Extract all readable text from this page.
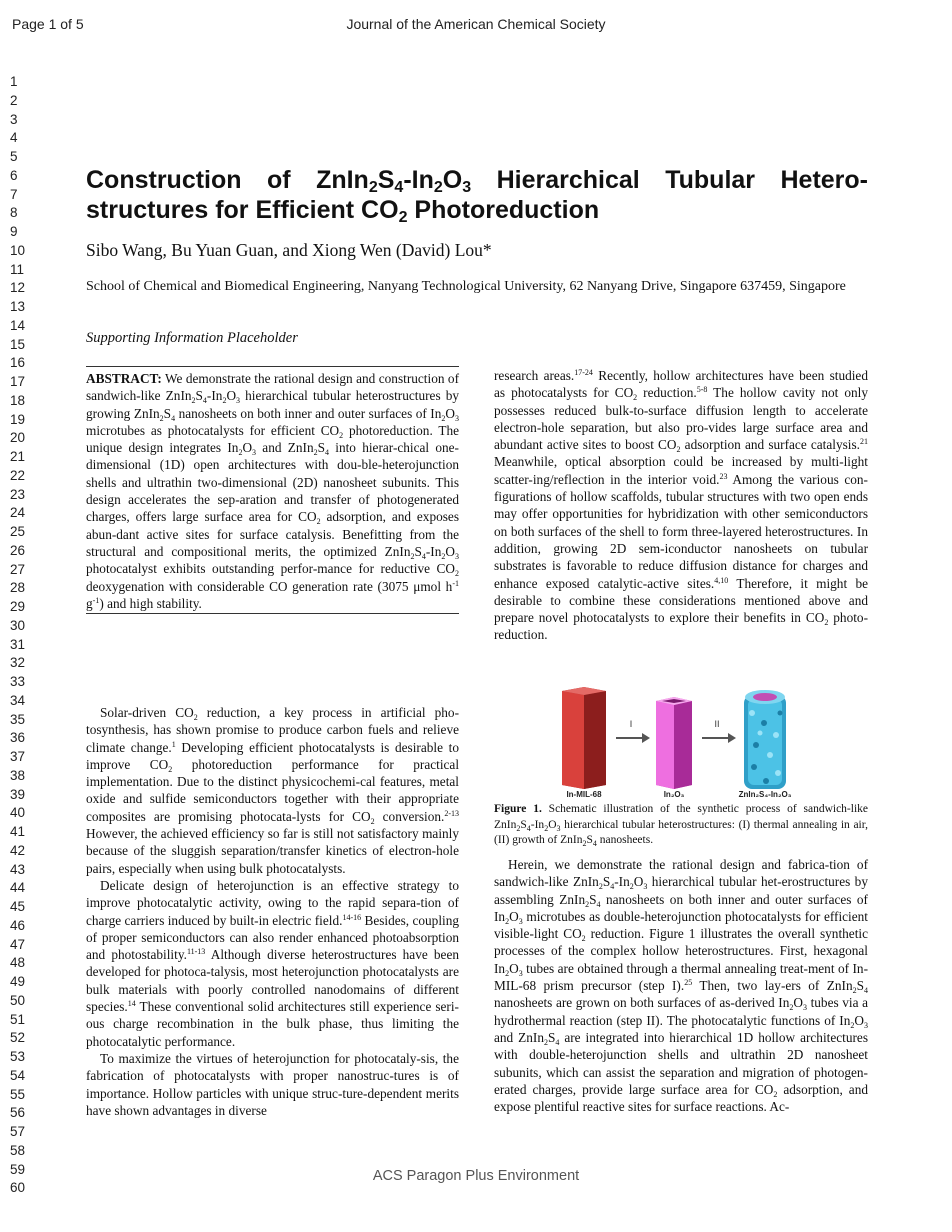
Page 1 of 5	Journal of the American Chemical Society
1
2
3
4
5
6
7
8
9
10
11
12
13
14
15
16
17
18
19
20
21
22
23
24
25
26
27
28
29
30
31
32
33
34
35
36
37
38
39
40
41
42
43
44
45
46
47
48
49
50
51
52
53
54
55
56
57
58
59
60
Construction of $ZnIn_2S_4-In_2O_3$ Hierarchical Tubular Hetero-structures for Efficient $CO_2$ Photoreduction
Sibo Wang, Bu Yuan Guan, and Xiong Wen (David) Lou*
School of Chemical and Biomedical Engineering, Nanyang Technological University, 62 Nanyang Drive, Singapore 637459, Singapore
Supporting Information Placeholder

ABSTRACT: We demonstrate the rational design and construction of sandwich-like $ZnIn_2S_4-In_2O_3$ hierarchical tubular heterostructures by growing $ZnIn_2S_4$ nanosheets on both inner and outer surfaces of $In_2O_3$ microtubes as photocatalysts for efficient $CO_2$ photoreduction. The unique design integrates $In_2O_3$ and $ZnIn_2S_4$ into hierar-chical one-dimensional (1D) open architectures with dou-ble-heterojunction shells and ultrathin two-dimensional (2D) nanosheet subunits. This design accelerates the sep-aration and transfer of photogenerated charges, offers large surface area for $CO_2$ adsorption, and exposes abun-dant active sites for surface catalysis. Benefitting from the structural and compositional merits, the optimized $ZnIn_2S_4-In_2O_3$ photocatalyst exhibits outstanding perfor-mance for reductive $CO_2$ deoxygenation with considerable CO generation rate (3075 μmol $h^{-1}$ $g^{-1}$) and high stability.

Solar-driven $CO_2$ reduction, a key process in artificial pho-tosynthesis, has shown promise to produce carbon fuels and relieve climate change.$^1$ Developing efficient photocatalysts is desirable to improve $CO_2$ photoreduction performance for practical implementation. Due to the distinct physicochemi-cal features, metal oxide and sulfide semiconductors together with their appropriate composites are promising photocata-lysts for $CO_2$ conversion.$^{2-13}$ However, the achieved efficiency so far is still not satisfactory mainly because of the sluggish separation/transfer kinetics of electron-hole pairs, especially when using bulk photocatalysts.

Delicate design of heterojunction is an effective strategy to improve photocatalytic activity, owing to the rapid separa-tion of charge carriers induced by built-in electric field.$^{14-16}$ Besides, coupling of proper semiconductors can also render enhanced photoabsorption and photostability.$^{11-13}$ Although diverse heterostructures have been developed for photoca-talysis, most heterojunction photocatalysts are bulk materials with poorly controlled nanodomains of different species.$^{14}$ These conventional solid architectures still experience seri-ous charge recombination in the bulk phase, thus limiting the photocatalytic performance.

To maximize the virtues of heterojunction for photocataly-sis, the fabrication of photocatalysts with proper nanostruc-tures is of importance. Hollow particles with unique struc-ture-dependent merits have shown advantages in diverse

research areas.$^{17-24}$ Recently, hollow architectures have been studied as photocatalysts for $CO_2$ reduction.$^{5-8}$ The hollow cavity not only possesses reduced bulk-to-surface diffusion length to accelerate electron-hole separation, but also pro-vides large surface area and abundant active sites to boost $CO_2$ adsorption and surface catalysis.$^{21}$ Meanwhile, optical absorption could be increased by multi-light scatter-ing/reflection in the interior void.$^{23}$ Among the various con-figurations of hollow scaffolds, tubular structures with two open ends may offer opportunities for hybridization with other semiconductors on both surfaces of the shell to form three-layered heterostructures. In addition, growing 2D sem-iconductor nanosheets on tubular substrates is favorable to reduce diffusion distance for charges and enhance exposed catalytic-active sites.$^{4,10}$ Therefore, it might be desirable to combine these considerations mentioned above and prepare novel photocatalysts to explore their benefits in $CO_2$ photo-reduction.

I	II
In-MIL-68	In₂O₃	ZnIn₂S₄-In₂O₃
Figure 1. Schematic illustration of the synthetic process of sandwich-like $ZnIn_2S_4-In_2O_3$ hierarchical tubular heterostructures: (I) thermal annealing in air, (II) growth of $ZnIn_2S_4$ nanosheets.

Herein, we demonstrate the rational design and fabrica-tion of sandwich-like $ZnIn_2S_4-In_2O_3$ hierarchical tubular het-erostructures by assembling $ZnIn_2S_4$ nanosheets on both inner and outer surfaces of $In_2O_3$ microtubes as double-heterojunction photocatalysts for efficient visible-light $CO_2$ reduction. Figure 1 illustrates the overall synthetic processes of the complex hollow heterostructures. First, hexagonal $In_2O_3$ tubes are obtained through a thermal annealing treat-ment of In-MIL-68 prism precursor (step I).$^{25}$ Then, two lay-ers of $ZnIn_2S_4$ nanosheets are grown on both surfaces of as-derived $In_2O_3$ tubes via a hydrothermal reaction (step II). The photocatalytic functions of $In_2O_3$ and $ZnIn_2S_4$ are integrated into hierarchical 1D hollow architectures with double-heterojunction shells and ultrathin 2D nanosheet subunits, which can assist the separation and migration of photogen-erated charges, provide large surface area for $CO_2$ adsorption, and expose plentiful reactive sites for surface reactions. Ac-

ACS Paragon Plus Environment
